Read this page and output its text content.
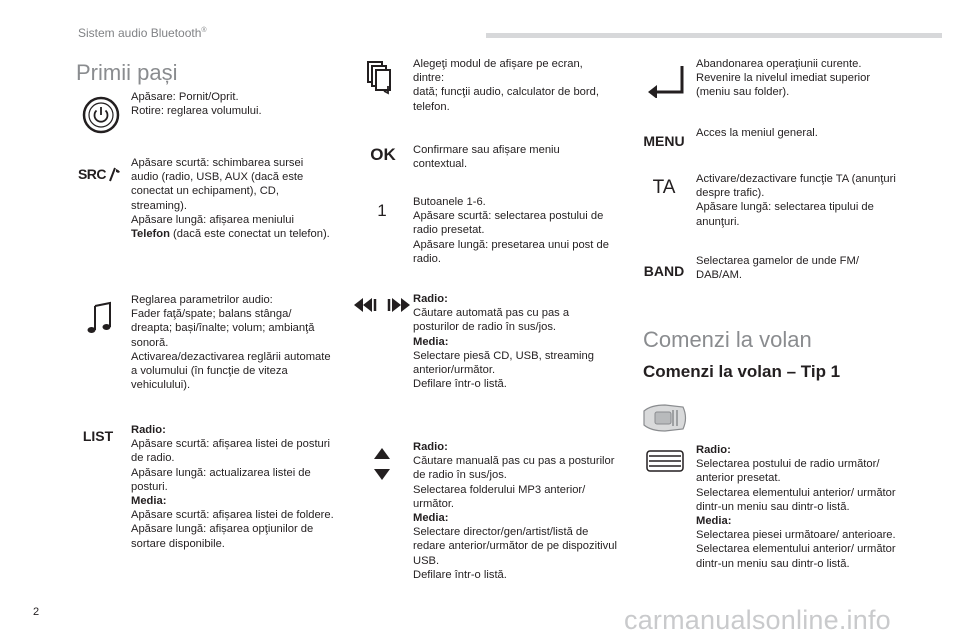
Sistem audio Bluetooth®
Primii pași
Apăsare: Pornit/Oprit.
Rotire: reglarea volumului.
SRC
Apăsare scurtă: schimbarea sursei audio (radio, USB, AUX (dacă este conectat un echipament), CD, streaming).
Apăsare lungă: afișarea meniului Telefon (dacă este conectat un telefon).
Reglarea parametrilor audio:
Fader faţă/spate; balans stânga/ dreapta; bași/înalte; volum; ambianţă sonoră.
Activarea/dezactivarea reglării automate a volumului (în funcţie de viteza vehiculului).
LIST Radio:
Apăsare scurtă: afișarea listei de posturi de radio.
Apăsare lungă: actualizarea listei de posturi.
Media:
Apăsare scurtă: afișarea listei de foldere.
Apăsare lungă: afișarea opţiunilor de sortare disponibile.
Alegeţi modul de afișare pe ecran, dintre:
dată; funcţii audio, calculator de bord, telefon.
OK Confirmare sau afișare meniu contextual.
1 Butoanele 1-6.
Apăsare scurtă: selectarea postului de radio presetat.
Apăsare lungă: presetarea unui post de radio.
Radio:
Căutare automată pas cu pas a posturilor de radio în sus/jos.
Media:
Selectare piesă CD, USB, streaming anterior/următor.
Defilare într-o listă.
Radio:
Căutare manuală pas cu pas a posturilor de radio în sus/jos.
Selectarea folderului MP3 anterior/ următor.
Media:
Selectare director/gen/artist/listă de redare anterior/următor de pe dispozitivul USB.
Defilare într-o listă.
Abandonarea operaţiunii curente.
Revenire la nivelul imediat superior (meniu sau folder).
MENU Acces la meniul general.
TA Activare/dezactivare funcţie TA (anunţuri despre trafic).
Apăsare lungă: selectarea tipului de anunţuri.
BAND
Selectarea gamelor de unde FM/ DAB/AM.
Comenzi la volan
Comenzi la volan – Tip 1
Radio:
Selectarea postului de radio următor/ anterior presetat.
Selectarea elementului anterior/ următor dintr-un meniu sau dintr-o listă.
Media:
Selectarea piesei următoare/ anterioare.
Selectarea elementului anterior/ următor dintr-un meniu sau dintr-o listă.
2	carmanualsonline.info
